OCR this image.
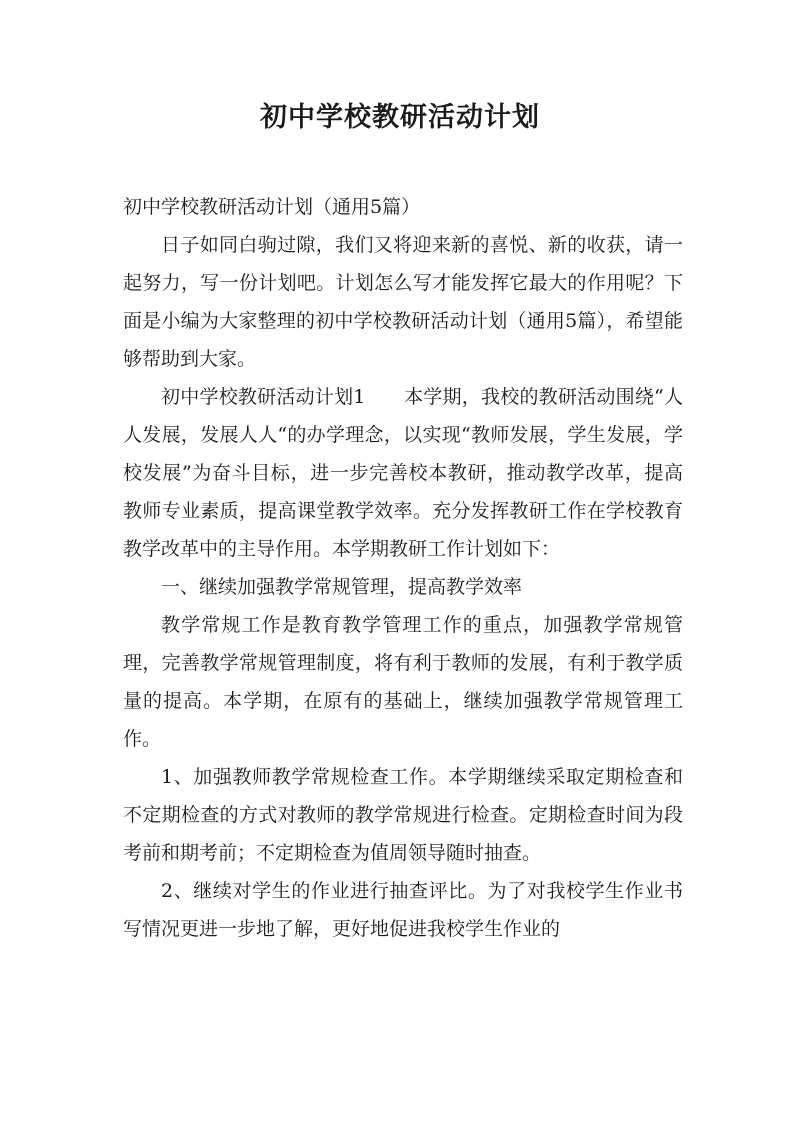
初中学校教研活动计划

初中学校教研活动计划（通用5篇）

日子如同白驹过隙，我们又将迎来新的喜悦、新的收获，请一起努力，写一份计划吧。计划怎么写才能发挥它最大的作用呢？下面是小编为大家整理的初中学校教研活动计划（通用5篇），希望能够帮助到大家。

初中学校教研活动计划1　　本学期，我校的教研活动围绕“人人发展，发展人人“的办学理念，以实现“教师发展，学生发展，学校发展”为奋斗目标，进一步完善校本教研，推动教学改革，提高教师专业素质，提高课堂教学效率。充分发挥教研工作在学校教育教学改革中的主导作用。本学期教研工作计划如下：

一、继续加强教学常规管理，提高教学效率

教学常规工作是教育教学管理工作的重点，加强教学常规管理，完善教学常规管理制度，将有利于教师的发展，有利于教学质量的提高。本学期，在原有的基础上，继续加强教学常规管理工作。

1、加强教师教学常规检查工作。本学期继续采取定期检查和不定期检查的方式对教师的教学常规进行检查。定期检查时间为段考前和期考前；不定期检查为值周领导随时抽查。

2、继续对学生的作业进行抽查评比。为了对我校学生作业书写情况更进一步地了解，更好地促进我校学生作业的
